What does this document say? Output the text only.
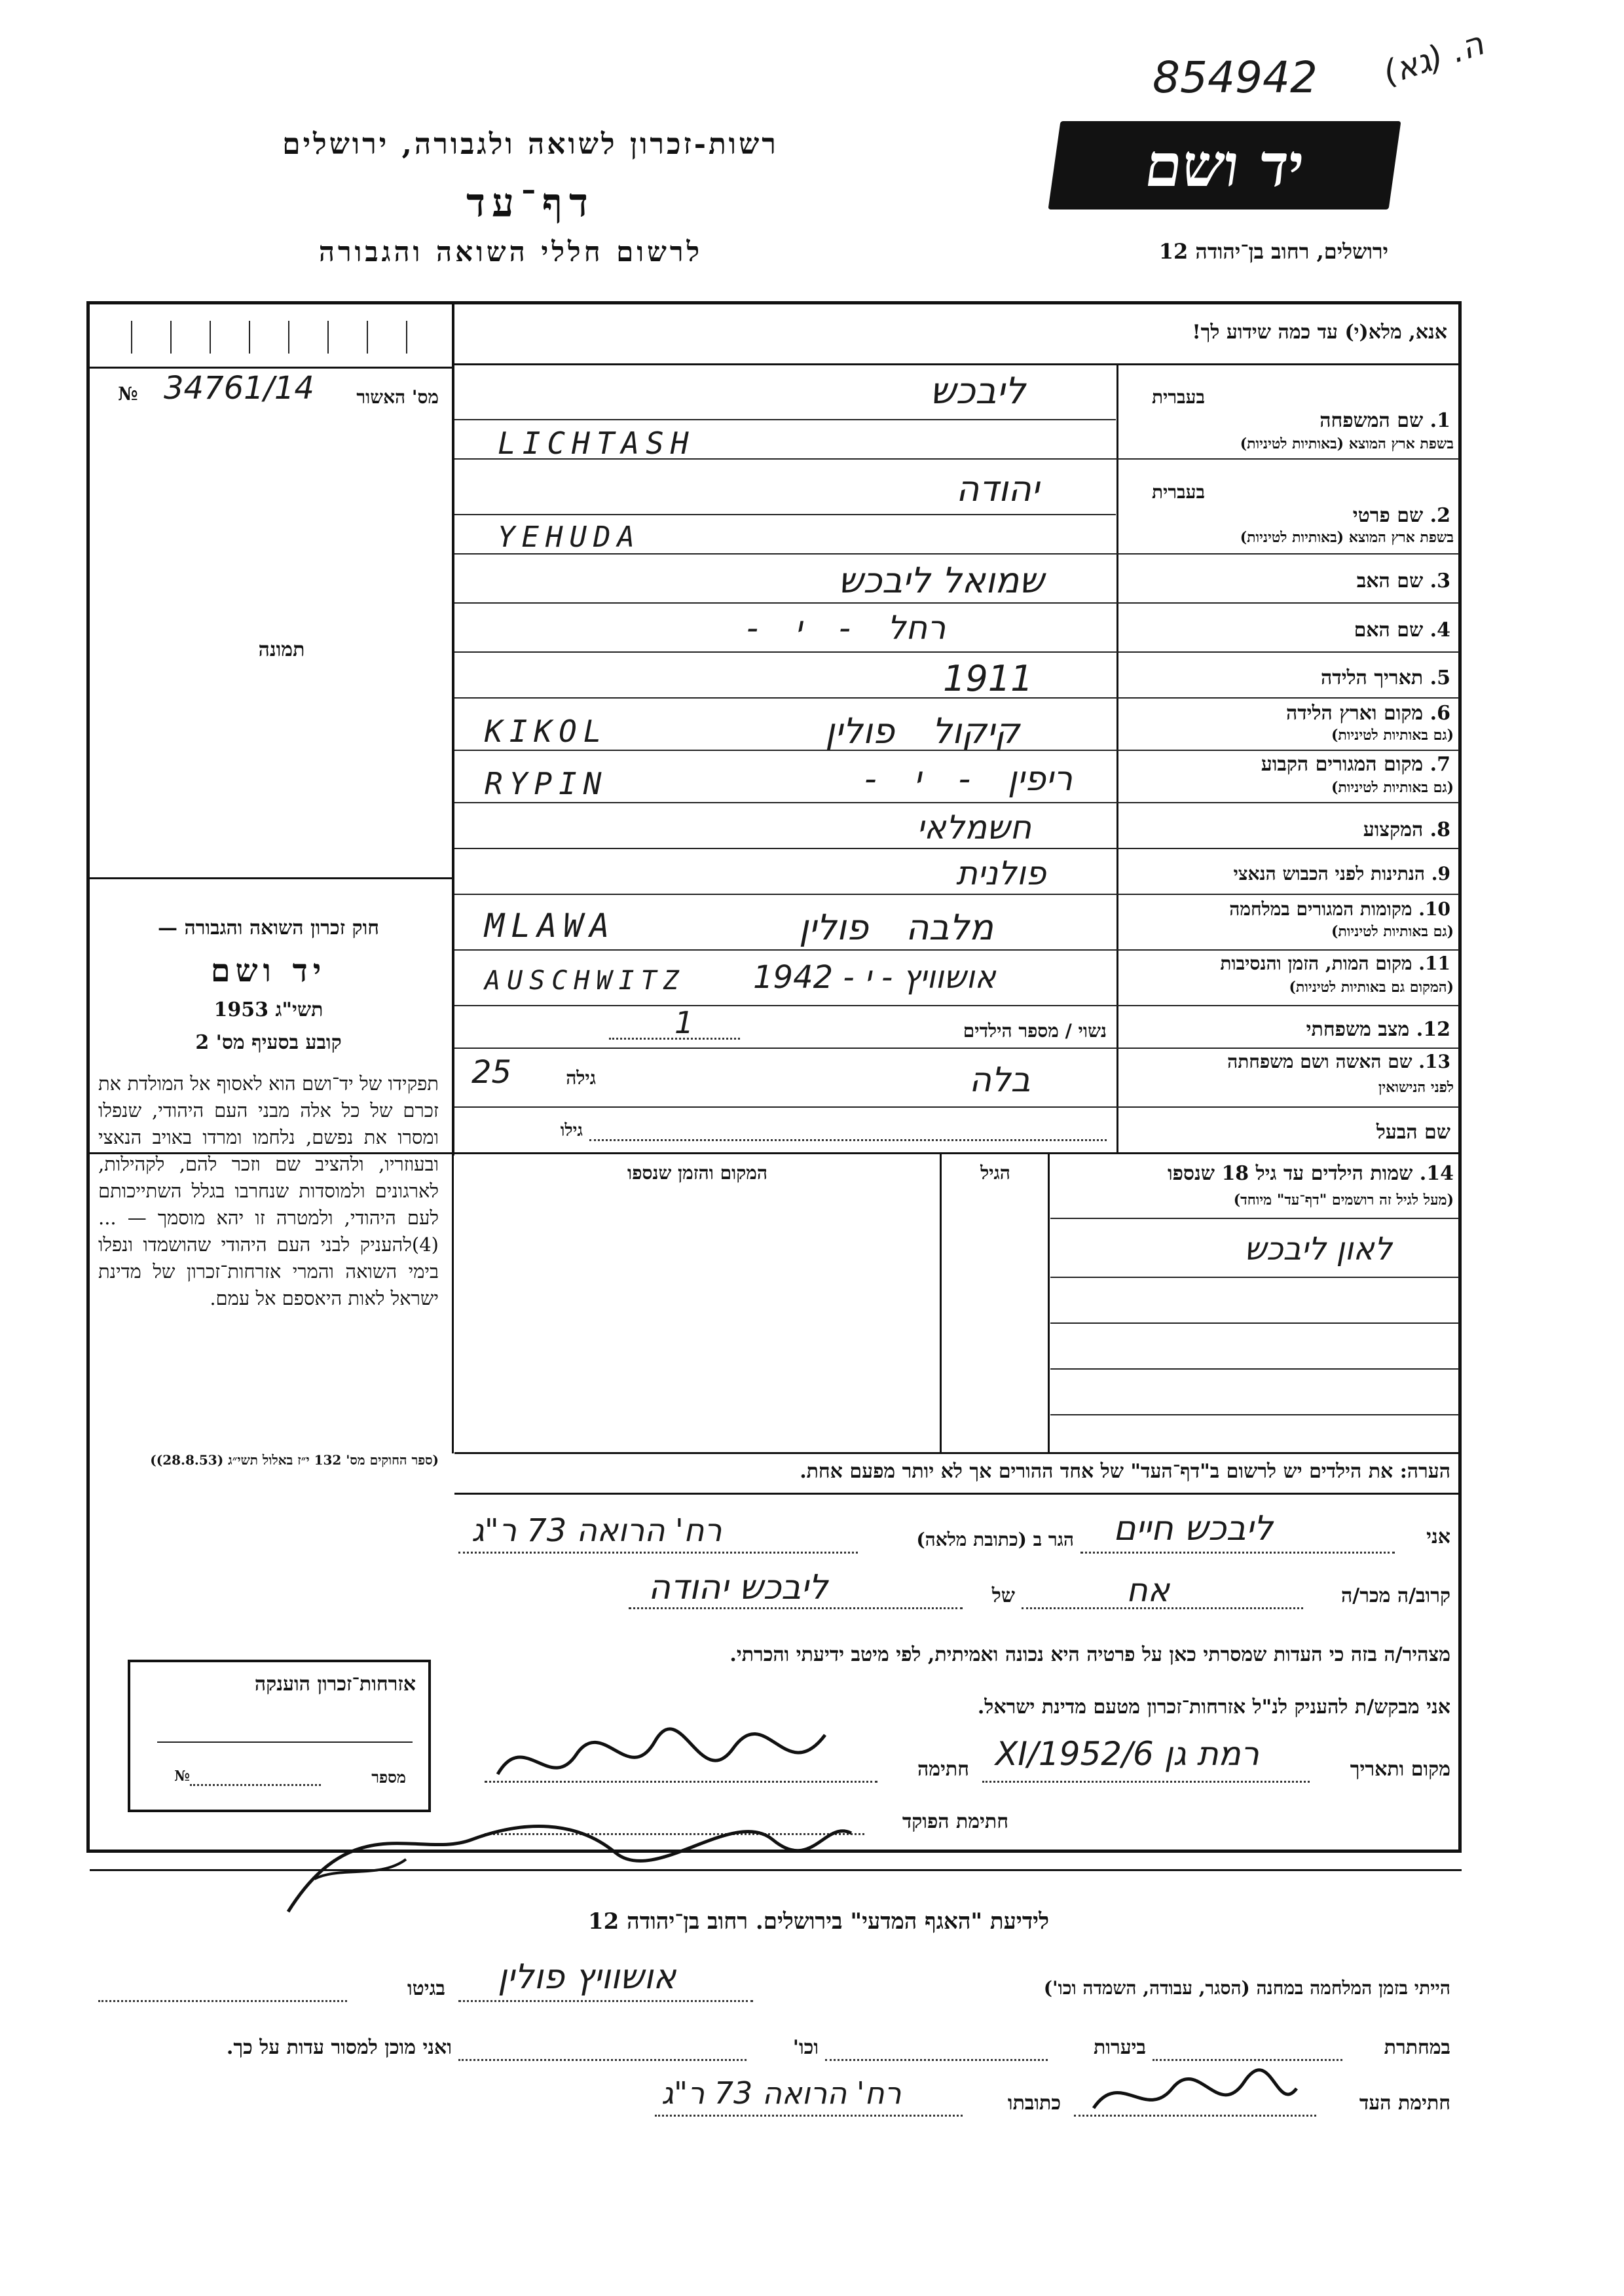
854942 ה. (גא)
רשות-זכרון לשואה ולגבורה, ירושלים
דף־עד
לרשום חללי השואה והגבורה
יד ושם
ירושלים, רחוב בן־יהודה 12
אנא, מלא(י) עד כמה שידוע לך!
№ 34761/14	מס' האשור
תמונה
בעברית
1. שם המשפחה
בשפת ארץ המוצא (באותיות לטיניות)
ליבכש
LICHTASH
בעברית
2. שם פרטי
בשפת ארץ המוצא (באותיות לטיניות)
יהודה
YEHUDA
3. שם האב
שמואל ליבכש
4. שם האם
רחל - י -
5. תאריך הלידה
1911
6. מקום וארץ הלידה
(גם באותיות לטיניות)
קיקול פולין
KIKOL
7. מקום המגורים הקבוע
(גם באותיות לטיניות)
ריפין - י -
RYPIN
8. המקצוע
חשמלאי
9. הנתינות לפני הכבוש הנאצי
פולנית
10. מקומות המגורים במלחמה
(גם באותיות לטיניות)
מלבה פולין
MLAWA
11. מקום המות, הזמן והנסיבות
(המקום גם באותיות לטיניות)
אושוויץ - י - 1942
AUSCHWITZ
12. מצב משפחתי
נשוי / מספר הילדים
1
13. שם האשה ושם משפחתה
לפני הנישואין
בלה
גילה
25
שם הבעל
גילו
14. שמות הילדים עד גיל 18 שנספו
(מעל לגיל זה רושמים "דף־עד" מיוחד)
הגיל
המקום והזמן שנספו
לאון ליבכש
חוק זכרון השואה והגבורה —
יד ושם
תשי"ג 1953
קובע בסעיף מס' 2
תפקידו של יד־ושם הוא לאסוף אל המולדת את זכרם של כל אלה מבני העם היהודי, שנפלו ומסרו את נפשם, נלחמו ומרדו באויב הנאצי ובעוזריו, ולהציב שם וזכר להם, לקהילות, לארגונים ולמוסדות שנחרבו בגלל השתייכותם לעם היהודי, ולמטרה זו יהא מוסמך — ...(4)להעניק לבני העם היהודי שהושמדו ונפלו בימי השואה והמרי אזרחות־זכרון של מדינת ישראל לאות היאספם אל עמם.
(ספר החוקים מס' 132 י״ז באלול תשי״ג (28.8.53))	הערה: את הילדים יש לרשום ב"דף־העד" של אחד ההורים אך לא יותר מפעם אחת.
אני
ליבכש חיים
הגר ב (כתובת מלאה)
רח' הרואה 73 ר"ג
קרוב/ה מכר/ה
אח
של
ליבכש יהודה
מצהיר/ה בזה כי העדות שמסרתי כאן על פרטיה היא נכונה ואמיתית, לפי מיטב ידיעתי והכרתי.
אני מבקש/ת להעניק לנ"ל אזרחות־זכרון מטעם מדינת ישראל.
מקום ותאריך
רמת גן 6/XI/1952
חתימה
חתימת הפוקד
אזרחות־זכרון הוענקה
מספר
№
לידיעת "האגף המדעי" בירושלים. רחוב בן־יהודה 12
הייתי בזמן המלחמה במחנה (הסגר, עבודה, השמדה וכו')
אושוויץ פולין
בגיטו
במחתרת
ביערות
וכו'
ואני מוכן למסור עדות על כך.
חתימת העד
כתובתו
רח' הרואה 73 ר"ג
